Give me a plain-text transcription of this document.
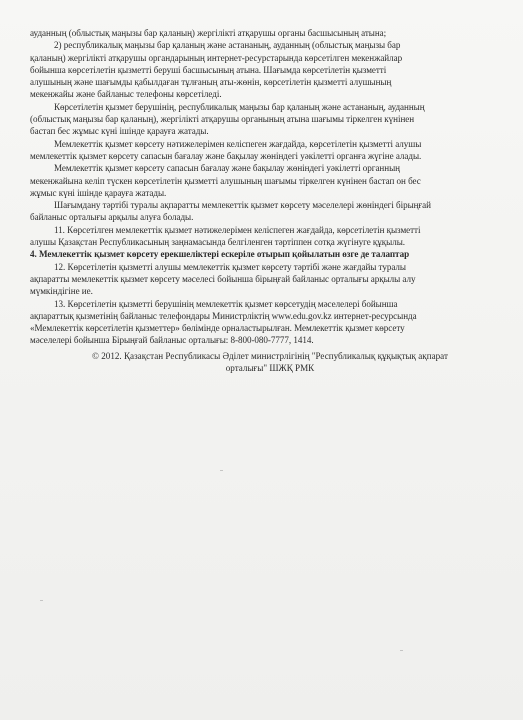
ауданның (облыстық маңызы бар қаланың) жергілікті атқарушы органы басшысының атына;
2) республикалық маңызы бар қаланың және астананың, ауданның (облыстық маңызы бар
қаланың) жергілікті атқарушы органдарының интернет-ресурстарында көрсетілген мекенжайлар
бойынша көрсетілетін қызметті беруші басшысының атына. Шағымда көрсетілетін қызметті
алушының және шағымды қабылдаған тұлғаның аты-жөнін, көрсетілетін қызметті алушының
мекенжайы және байланыс телефоны көрсетіледі.
Көрсетілетін қызмет берушінің, республикалық маңызы бар қаланың және астананың, ауданның
(облыстық маңызы бар қаланың), жергілікті атқарушы органының атына шағымы тіркелген күнінен
бастап бес жұмыс күні ішінде қарауға жатады.
Мемлекеттік қызмет көрсету нәтижелерімен келіспеген жағдайда, көрсетілетін қызметті алушы
мемлекеттік қызмет көрсету сапасын бағалау және бақылау жөніндегі уәкілетті органға жүгіне алады.
Мемлекеттік қызмет көрсету сапасын бағалау және бақылау жөніндегі уәкілетті органның
мекенжайына келіп түскен көрсетілетін қызметті алушының шағымы тіркелген күнінен бастап он бес
жұмыс күні ішінде қарауға жатады.
Шағымдану тәртібі туралы ақпаратты мемлекеттік қызмет көрсету мәселелері жөніндегі бірыңғай
байланыс орталығы арқылы алуға болады.
11. Көрсетілген мемлекеттік қызмет нәтижелерімен келіспеген жағдайда, көрсетілетін қызметті
алушы Қазақстан Республикасының заңнамасында белгіленген тәртіппен сотқа жүгінуге құқылы.
4. Мемлекеттік қызмет көрсету ерекшеліктері ескеріле отырып қойылатын өзге де талаптар
12. Көрсетілетін қызметті алушы мемлекеттік қызмет көрсету тәртібі және жағдайы туралы
ақпаратты мемлекеттік қызмет көрсету мәселесі бойынша бірыңғай байланыс орталығы арқылы алу
мүмкіндігіне ие.
13. Көрсетілетін қызметті берушінің мемлекеттік қызмет көрсетудің мәселелері бойынша
ақпараттық қызметінің байланыс телефондары Министрліктің www.edu.gov.kz интернет-ресурсында
«Мемлекеттік көрсетілетін қызметтер» бөлімінде орналастырылған. Мемлекеттік қызмет көрсету
мәселелері бойынша Бірыңғай байланыс орталығы: 8-800-080-7777, 1414.
© 2012. Қазақстан Республикасы Әділет министрлігінің "Республикалық құқықтық ақпарат
орталығы" ШЖҚ РМК
